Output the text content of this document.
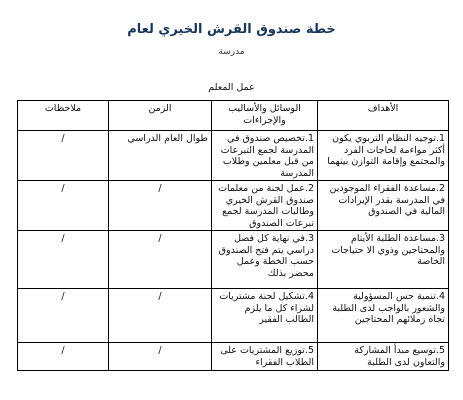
خطة صندوق القرش الخيري لعام
مدرسة
عمل المعلم
الأهداف	الوسائل والأساليب والإجراءات	الزمن	ملاحظات
1.توجيه النظام التربوي يكون أكثر مواءمة لحاجات الفرد والمجتمع وإقامة التوازن بينهما	1.تخصيص صندوق في المدرسة لجمع التبرعات من قبل معلمين وطلاب المدرسة	طوال العام الدراسي	/
2.مساعدة الفقراء الموجودين في المدرسة بقدر الإيرادات المالية في الصندوق	2.عمل لجنة من معلمات صندوق القرش الخيري وطالبات المدرسة لجمع تبرعات الصندوق	/	/
3.مساعدة الطلبة الأيتام والمحتاجين وذوي الا حتياجات الخاصة	3.في نهاية كل فصل دراسي يتم فتح الصندوق حسب الخطة وعمل محضر بذلك	/	/
4.تنمية حس المسؤولية والشعور بالواجب لدى الطلبة تجاه زملائهم المحتاجين	4.تشكيل لجنة مشتريات لشراء كل ما يلزم الطالب الفقير	/	/
5.توسيع مبدأ المشاركة والتعاون لدى الطلبة	5.توزيع المشتريات على الطلاب الفقراء	/	/
